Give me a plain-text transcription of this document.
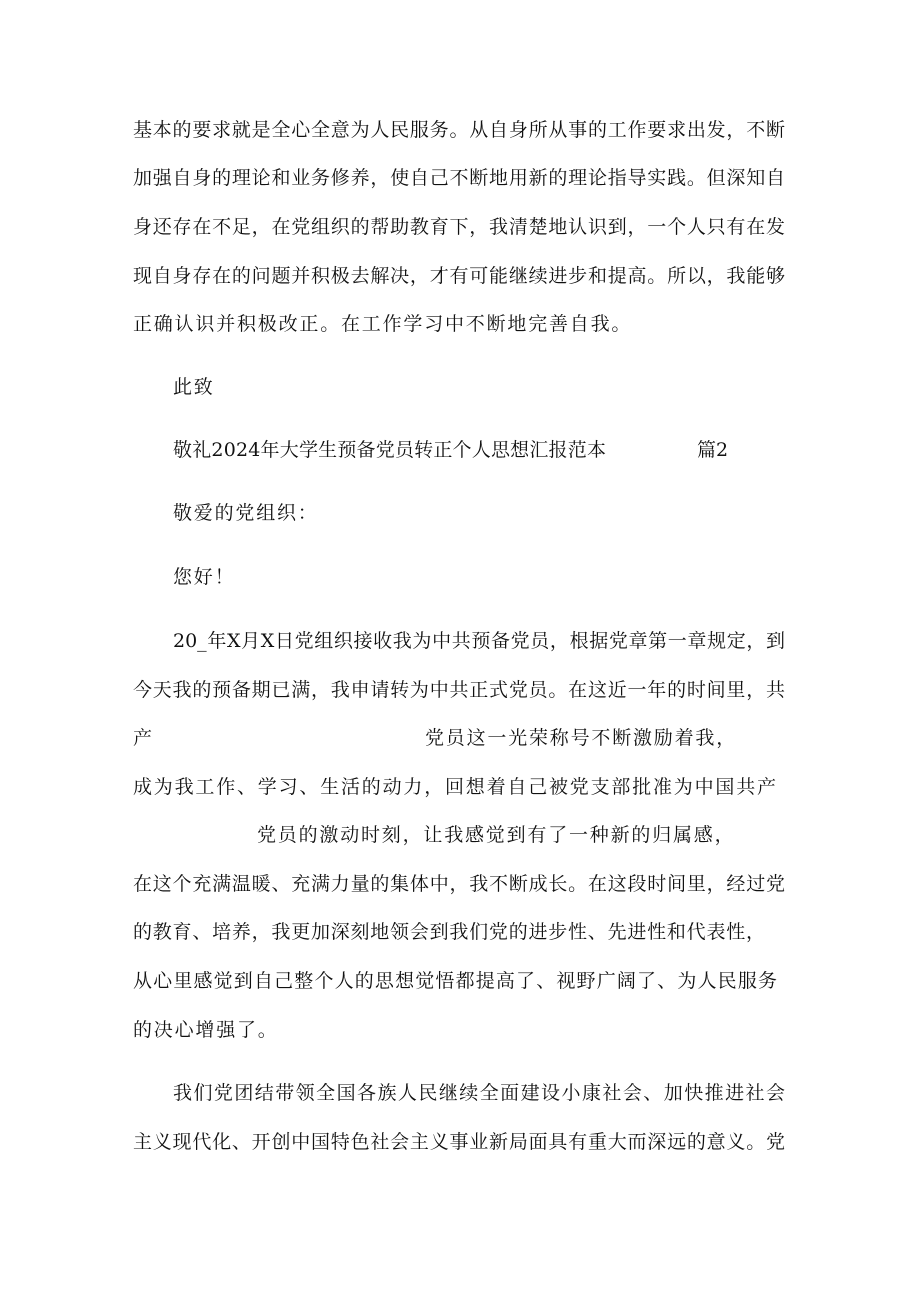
基本的要求就是全心全意为人民服务。从自身所从事的工作要求出发，不断

加强自身的理论和业务修养，使自己不断地用新的理论指导实践。但深知自

身还存在不足，在党组织的帮助教育下，我清楚地认识到，一个人只有在发

现自身存在的问题并积极去解决，才有可能继续进步和提高。所以，我能够

正确认识并积极改正。在工作学习中不断地完善自我。

此致

敬礼2024年大学生预备党员转正个人思想汇报范本	篇2

敬爱的党组织：

您好！

20_年X月X日党组织接收我为中共预备党员，根据党章第一章规定，到

今天我的预备期已满，我申请转为中共正式党员。在这近一年的时间里，共

产	党员这一光荣称号不断激励着我，

成为我工作、学习、生活的动力，回想着自己被党支部批准为中国共产

党员的激动时刻，让我感觉到有了一种新的归属感，

在这个充满温暖、充满力量的集体中，我不断成长。在这段时间里，经过党

的教育、培养，我更加深刻地领会到我们党的进步性、先进性和代表性，

从心里感觉到自己整个人的思想觉悟都提高了、视野广阔了、为人民服务

的决心增强了。

我们党团结带领全国各族人民继续全面建设小康社会、加快推进社会

主义现代化、开创中国特色社会主义事业新局面具有重大而深远的意义。党
